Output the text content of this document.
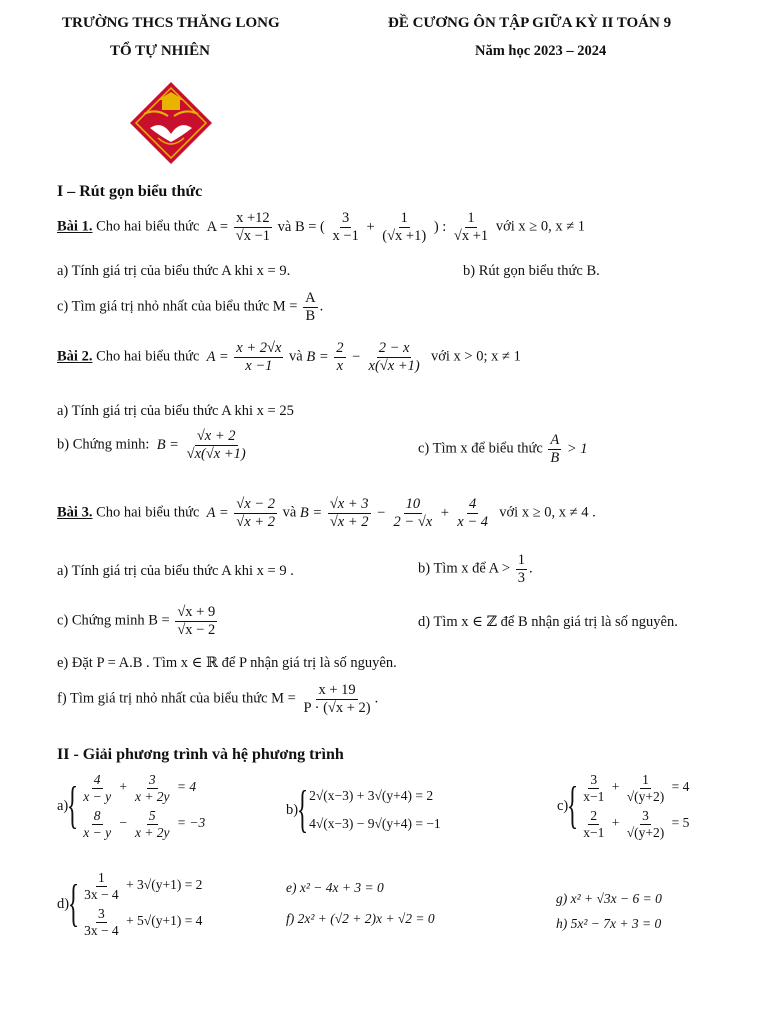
TRƯỜNG THCS THĂNG LONG
TỔ TỰ NHIÊN
ĐỀ CƯƠNG ÔN TẬP GIỮA KỲ II TOÁN 9
Năm học 2023 – 2024
I – Rút gọn biểu thức
Bài 1. Cho hai biểu thức  $A = \frac{x +12}{√x -1}$ và B = ( $\frac{3}{x -1} + \frac{1}{(√x +1)}$ ) : $\frac{1}{√x +1}$ với x ≥ 0, x ≠ 1
a) Tính giá trị của biểu thức A khi x = 9.	b) Rút gọn biểu thức B.
c) Tìm giá trị nhỏ nhất của biểu thức $M = \frac{A}{B}$ .
Bài 2. Cho hai biểu thức  $A = \frac{x + 2√x}{x -1}$ và $B = \frac{2}{x} - \frac{2 - x}{x(√x +1)}$ với x > 0; x ≠ 1
a) Tính giá trị của biểu thức A khi x = 25
b) Chứng minh:  $B = \frac{√x + 2}{√x(√x +1)}$	c) Tìm x để biểu thức $\frac{A}{B} > 1$
Bài 3. Cho hai biểu thức  $A = \frac{√x - 2}{√x + 2}$ và $B = \frac{√x + 3}{√x + 2} - \frac{10}{2 - √x} + \frac{4}{x - 4}$ với x ≥ 0, x ≠ 4 .
a) Tính giá trị của biểu thức A khi x = 9 .	b) Tìm x để $A > \frac{1}{3}$ .
c) Chứng minh $B = \frac{√x + 9}{√x - 2}$	d) Tìm x ∈ ℤ để B nhận giá trị là số nguyên.
e) Đặt P = A.B . Tìm x ∈ ℝ để P nhận giá trị là số nguyên.
f) Tìm giá trị nhỏ nhất của biểu thức $M = \frac{x + 19}{P \cdot (√x + 2)}$ .
II - Giải phương trình và hệ phương trình
a)
{ $\frac{4}{x - y} + \frac{3}{x + 2y} = 4$
$\frac{8}{x - y} - \frac{5}{x + 2y} = -3$
b)
{ 2√(x−3) + 3√(y+4) = 2
4√(x−3) − 9√(y+4) = −1
c)
{ $\frac{3}{x-1} + \frac{1}{√(y+2)} = 4$
$\frac{2}{x-1} + \frac{3}{√(y+2)} = 5$
d)
{ $\frac{1}{3x - 4} + 3√(y+1) = 2$
$\frac{3}{3x - 4} + 5√(y+1) = 4$
e) x² − 4x + 3 = 0
f) 2x² + (√2 + 2)x + √2 = 0
g) x² + √3x − 6 = 0
h) 5x² − 7x + 3 = 0
